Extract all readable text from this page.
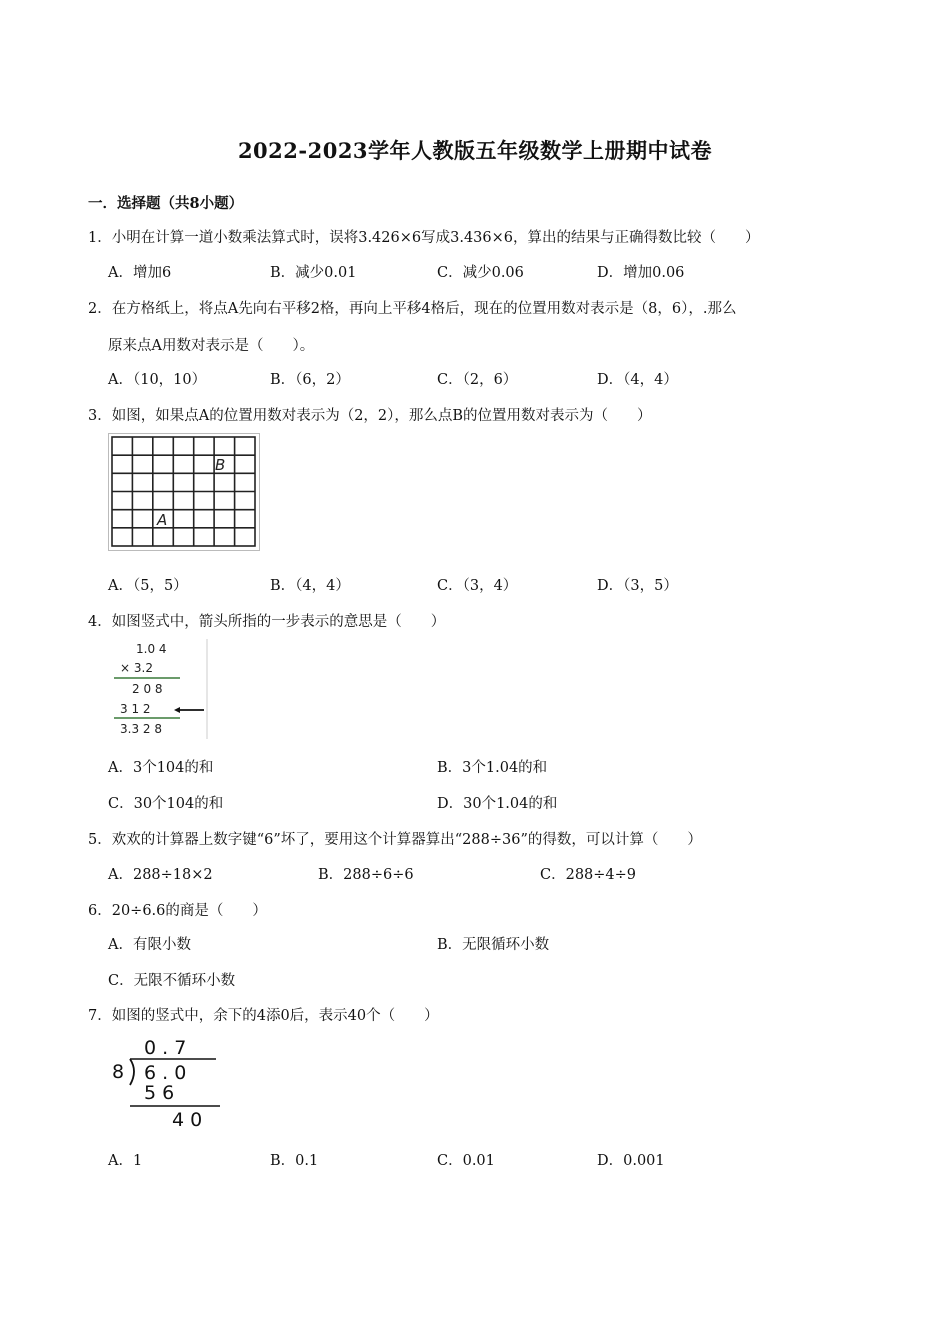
2022-2023学年人教版五年级数学上册期中试卷
一．选择题（共8小题）
1．小明在计算一道小数乘法算式时，误将3.426×6写成3.436×6，算出的结果与正确得数比较（　　）
A．增加6	B．减少0.01	C．减少0.06	D．增加0.06
2．在方格纸上，将点A先向右平移2格，再向上平移4格后，现在的位置用数对表示是（8，6），.那么
原来点A用数对表示是（　　）。
A．（10，10）	B．（6，2）	C．（2，6）	D．（4，4）
3．如图，如果点A的位置用数对表示为（2，2），那么点B的位置用数对表示为（　　）
B
A
A．（5，5）	B．（4，4）	C．（3，4）	D．（3，5）
4．如图竖式中，箭头所指的一步表示的意思是（　　）
1.0 4
× 3.2
2 0 8
3 1 2
3.3 2 8
A．3个104的和	B．3个1.04的和
C．30个104的和	D．30个1.04的和
5．欢欢的计算器上数字键“6”坏了，要用这个计算器算出“288÷36”的得数，可以计算（　　）
A．288÷18×2	B．288÷6÷6	C．288÷4÷9
6．20÷6.6的商是（　　）
A．有限小数	B．无限循环小数
C．无限不循环小数
7．如图的竖式中，余下的4添0后，表示40个（　　）
0 . 7
8 6 . 0
5 6
4 0
A．1	B．0.1	C．0.01	D．0.001
